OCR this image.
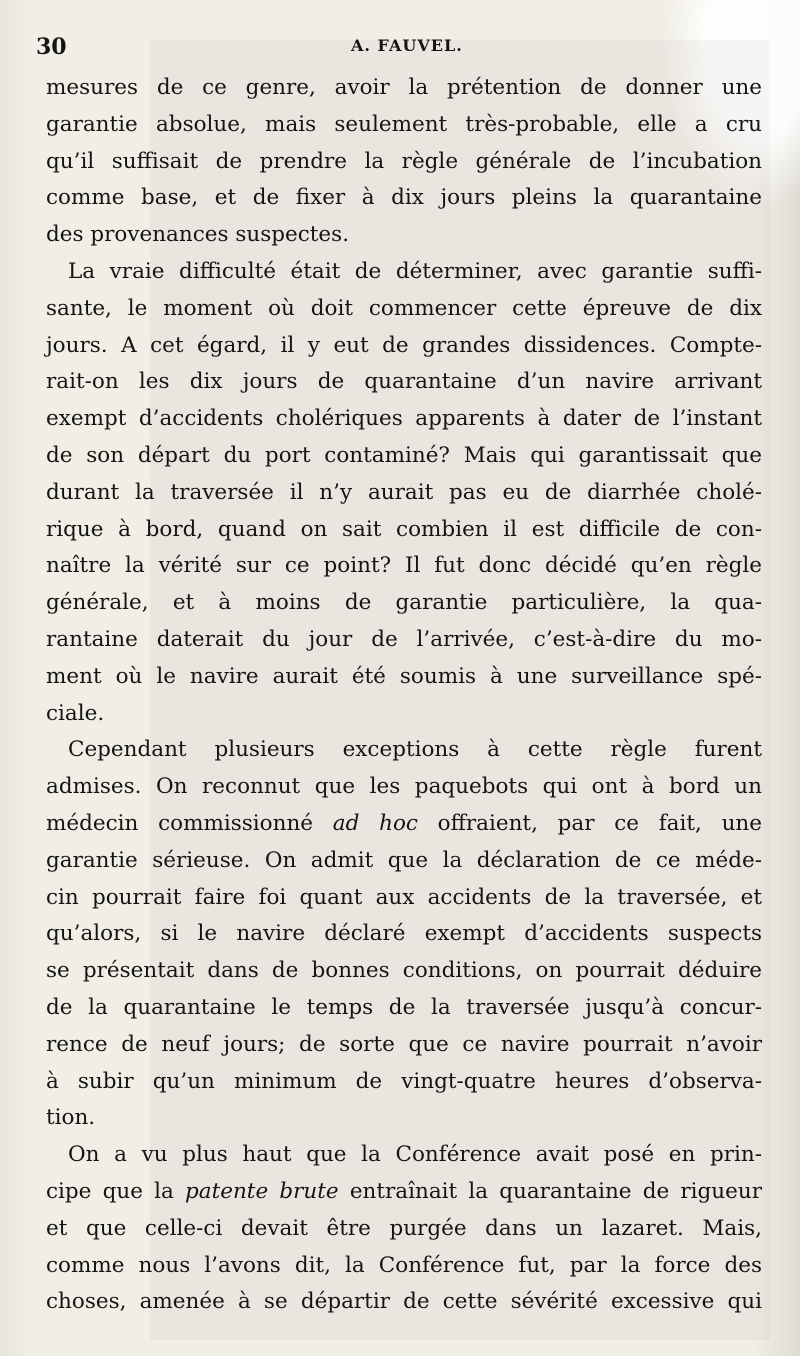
30	A. FAUVEL.
mesures de ce genre, avoir la prétention de donner une
garantie absolue, mais seulement très-probable, elle a cru
qu’il suffisait de prendre la règle générale de l’incubation
comme base, et de fixer à dix jours pleins la quarantaine
des provenances suspectes.
La vraie difficulté était de déterminer, avec garantie suffi-
sante, le moment où doit commencer cette épreuve de dix
jours. A cet égard, il y eut de grandes dissidences. Compte-
rait-on les dix jours de quarantaine d’un navire arrivant
exempt d’accidents cholériques apparents à dater de l’instant
de son départ du port contaminé? Mais qui garantissait que
durant la traversée il n’y aurait pas eu de diarrhée cholé-
rique à bord, quand on sait combien il est difficile de con-
naître la vérité sur ce point? Il fut donc décidé qu’en règle
générale, et à moins de garantie particulière, la qua-
rantaine daterait du jour de l’arrivée, c’est-à-dire du mo-
ment où le navire aurait été soumis à une surveillance spé-
ciale.
Cependant plusieurs exceptions à cette règle furent
admises. On reconnut que les paquebots qui ont à bord un
médecin commissionné ad hoc offraient, par ce fait, une
garantie sérieuse. On admit que la déclaration de ce méde-
cin pourrait faire foi quant aux accidents de la traversée, et
qu’alors, si le navire déclaré exempt d’accidents suspects
se présentait dans de bonnes conditions, on pourrait déduire
de la quarantaine le temps de la traversée jusqu’à concur-
rence de neuf jours; de sorte que ce navire pourrait n’avoir
à subir qu’un minimum de vingt-quatre heures d’observa-
tion.
On a vu plus haut que la Conférence avait posé en prin-
cipe que la patente brute entraînait la quarantaine de rigueur
et que celle-ci devait être purgée dans un lazaret. Mais,
comme nous l’avons dit, la Conférence fut, par la force des
choses, amenée à se départir de cette sévérité excessive qui
